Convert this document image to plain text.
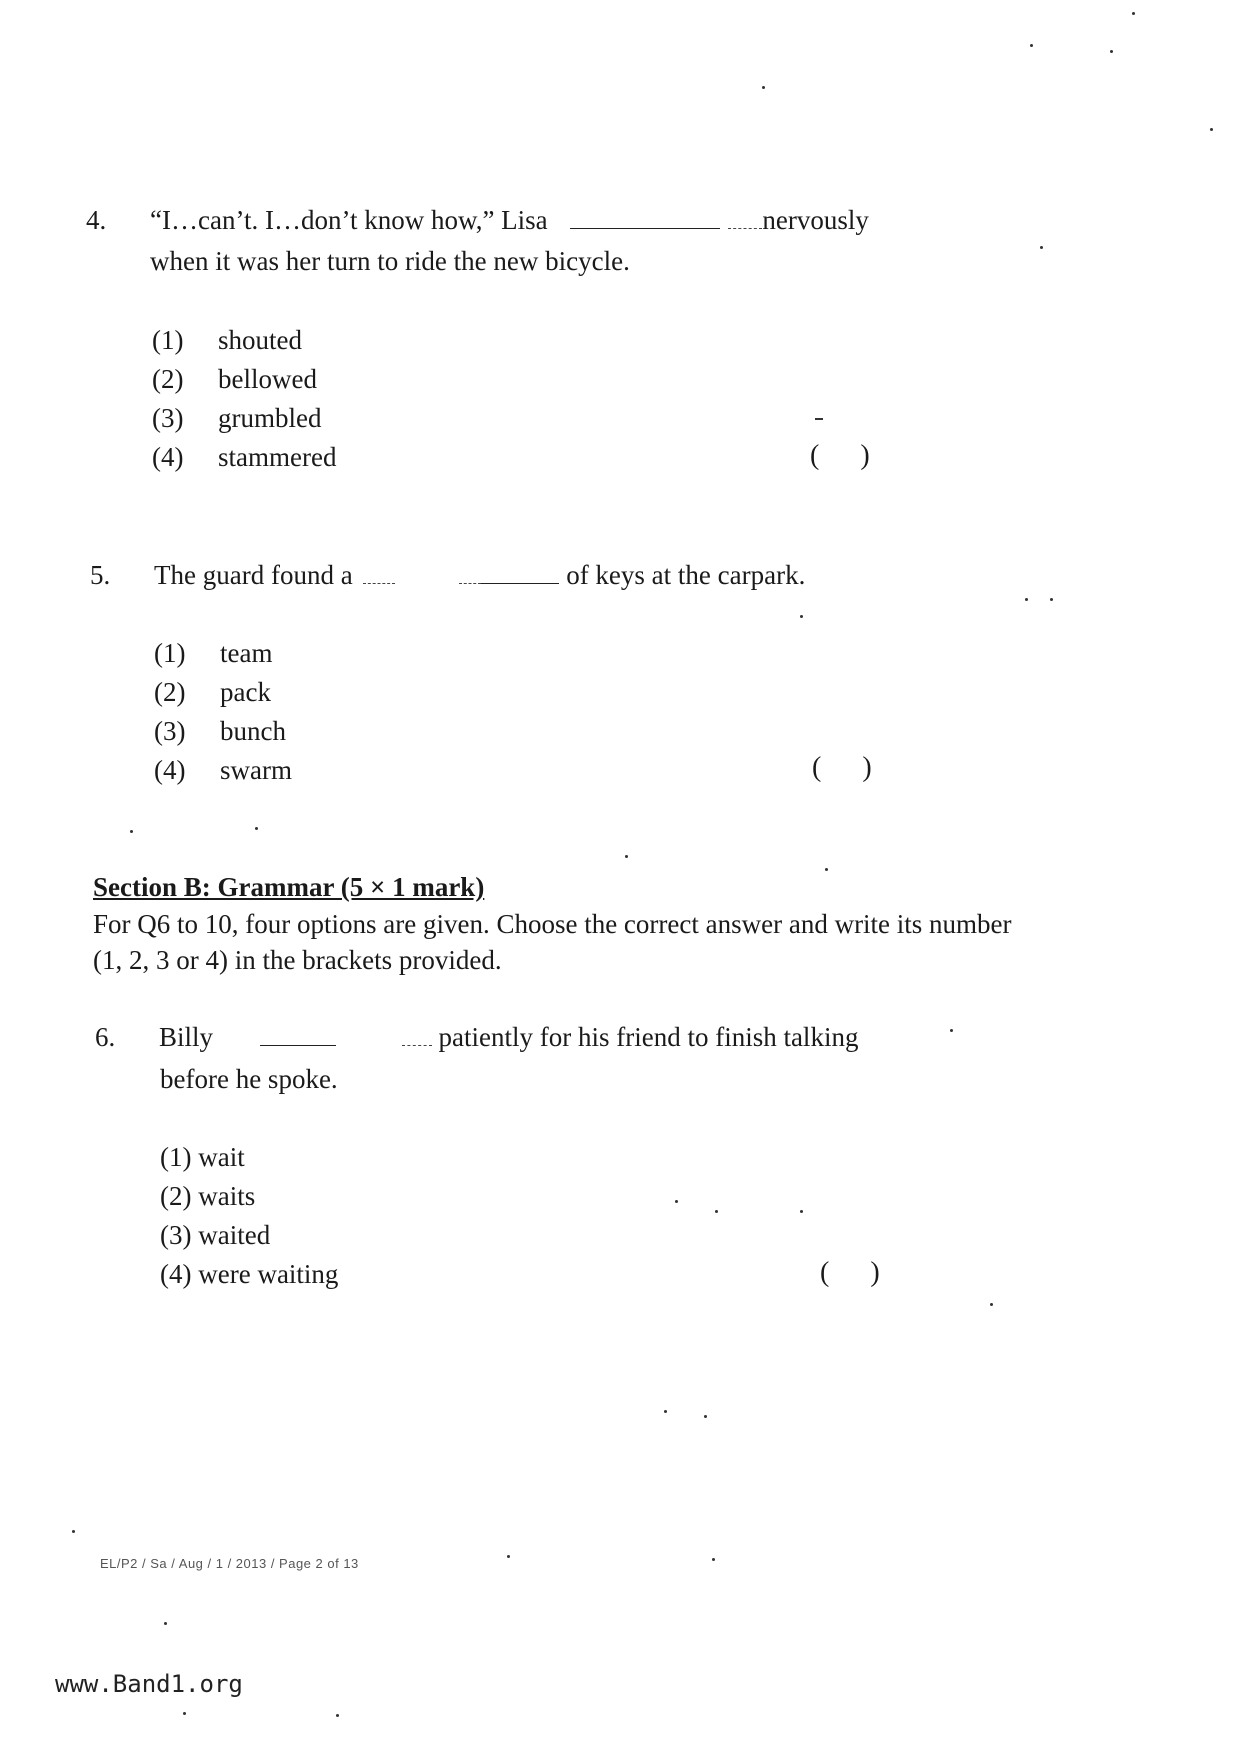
4. “I…can’t. I…don’t know how,” Lisa	nervously
when it was her turn to ride the new bicycle.
(1) shouted
(2) bellowed
(3) grumbled
(4) stammered	( )
5. The guard found a	of keys at the carpark.
(1) team
(2) pack
(3) bunch
(4) swarm	( )
Section B: Grammar (5 × 1 mark)
For Q6 to 10, four options are given. Choose the correct answer and write its number (1, 2, 3 or 4) in the brackets provided.
6. Billy	patiently for his friend to finish talking
before he spoke.
(1) wait
(2) waits
(3) waited
(4) were waiting	( )
EL/P2 / Sa / Aug / 1 / 2013 / Page 2 of 13
www.Band1.org
